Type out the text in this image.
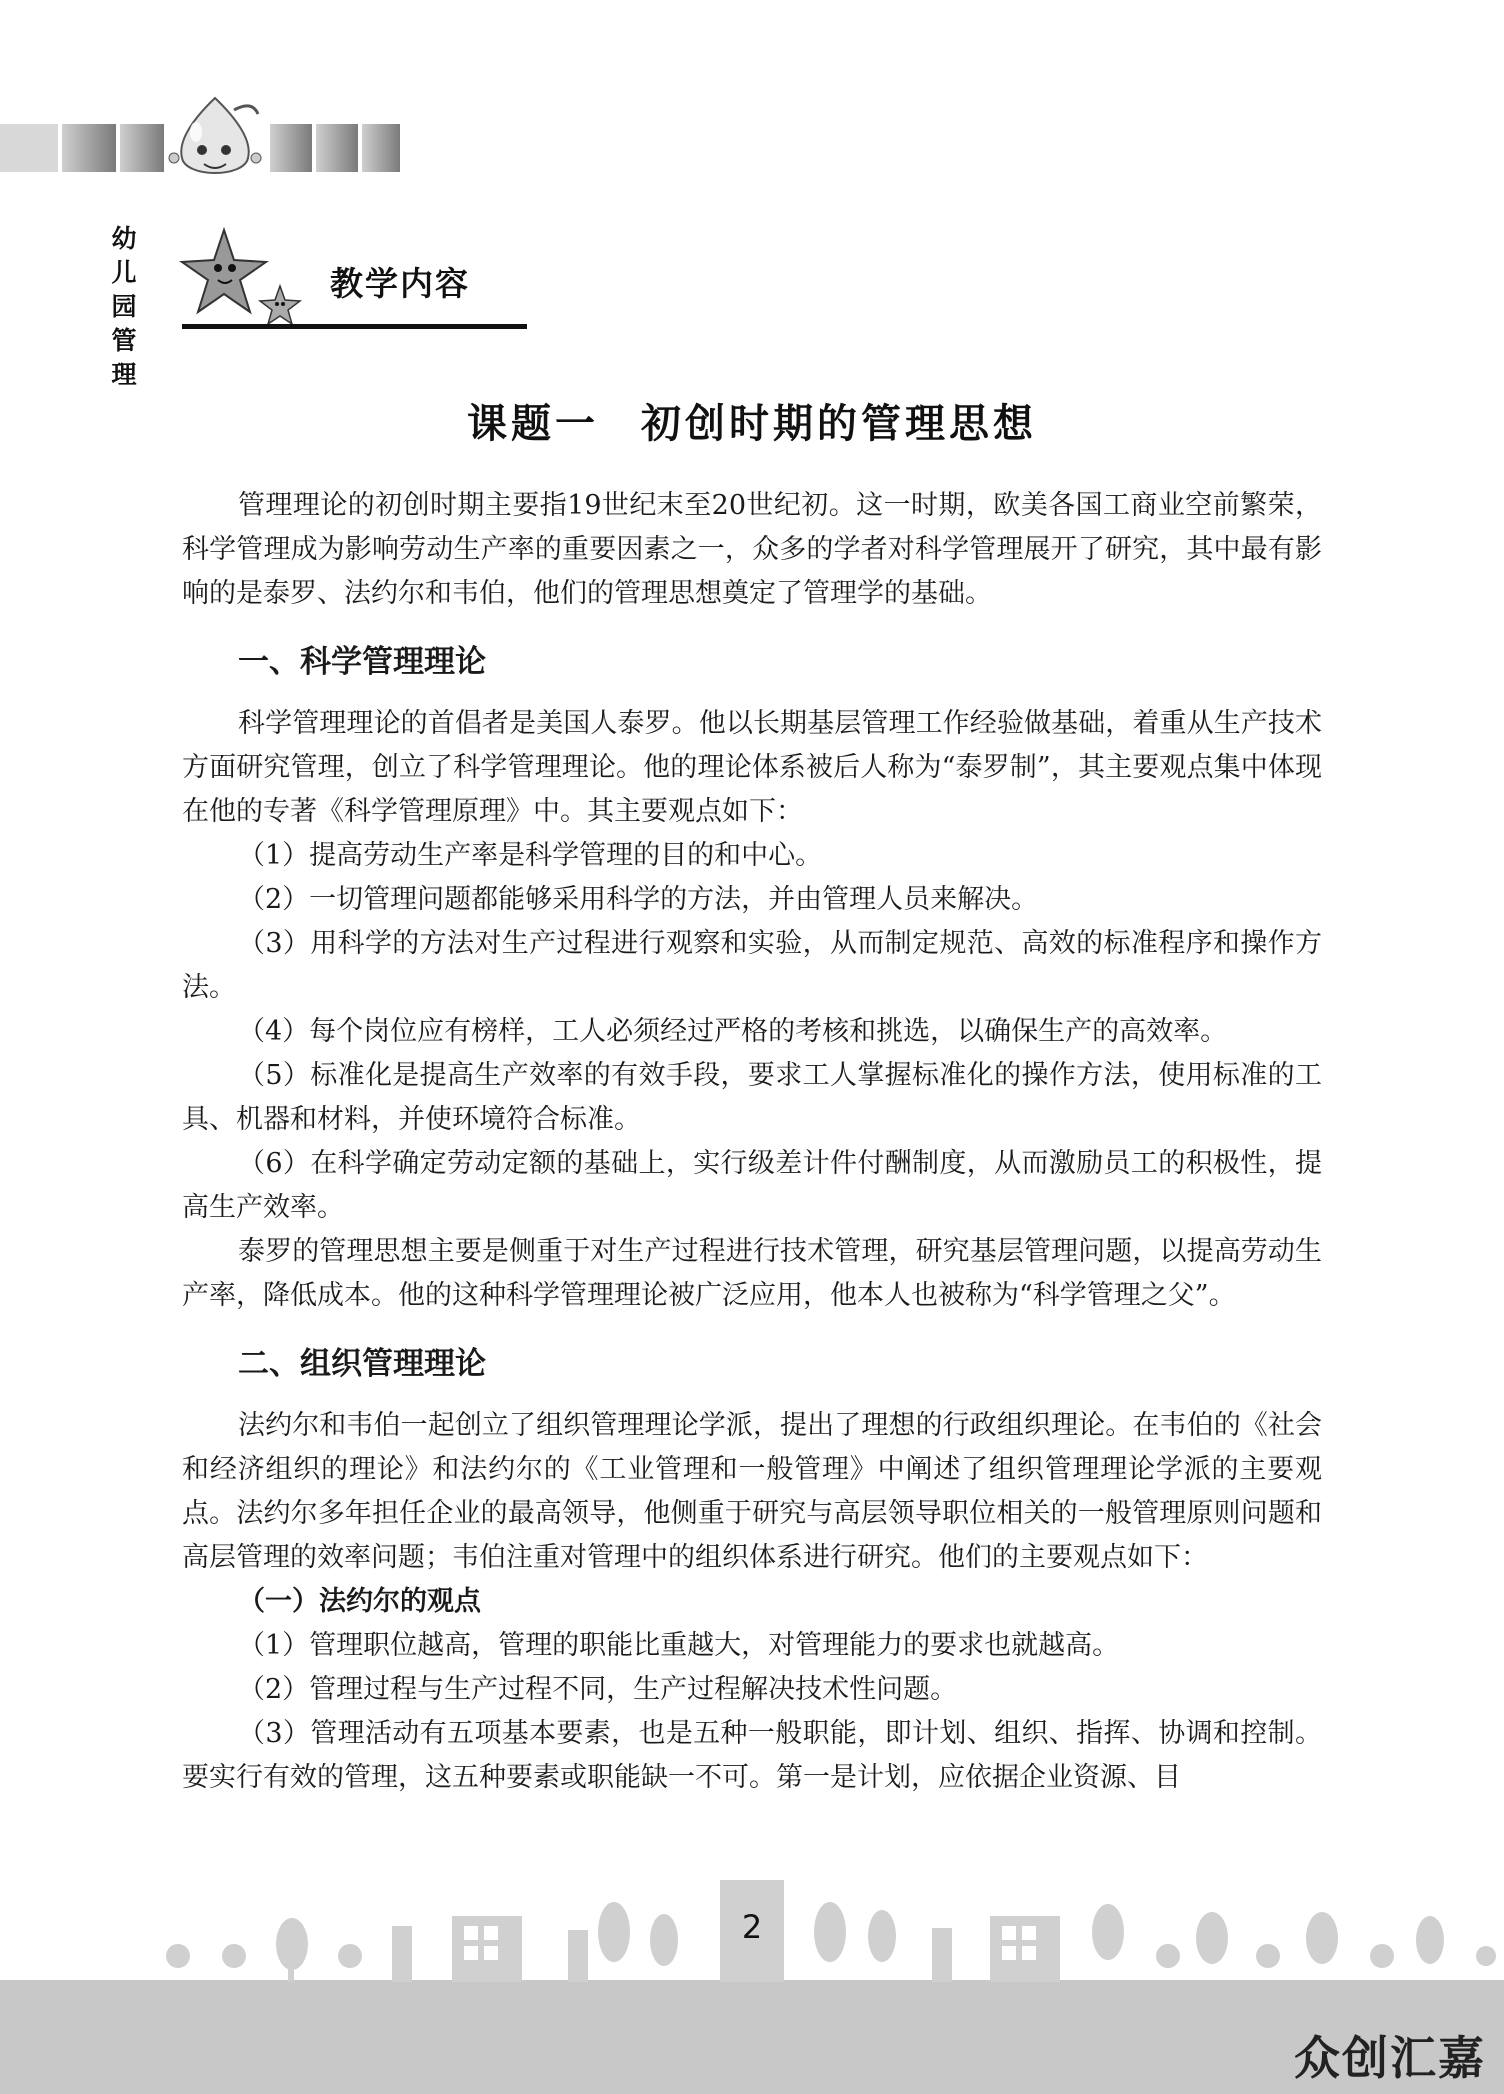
幼儿园管理
教学内容
课题一 初创时期的管理思想

管理理论的初创时期主要指19世纪末至20世纪初。这一时期，欧美各国工商业空前繁荣，科学管理成为影响劳动生产率的重要因素之一，众多的学者对科学管理展开了研究，其中最有影响的是泰罗、法约尔和韦伯，他们的管理思想奠定了管理学的基础。

一、科学管理理论

科学管理理论的首倡者是美国人泰罗。他以长期基层管理工作经验做基础，着重从生产技术方面研究管理，创立了科学管理理论。他的理论体系被后人称为“泰罗制”，其主要观点集中体现在他的专著《科学管理原理》中。其主要观点如下：

（1）提高劳动生产率是科学管理的目的和中心。

（2）一切管理问题都能够采用科学的方法，并由管理人员来解决。

（3）用科学的方法对生产过程进行观察和实验，从而制定规范、高效的标准程序和操作方法。

（4）每个岗位应有榜样，工人必须经过严格的考核和挑选，以确保生产的高效率。

（5）标准化是提高生产效率的有效手段，要求工人掌握标准化的操作方法，使用标准的工具、机器和材料，并使环境符合标准。

（6）在科学确定劳动定额的基础上，实行级差计件付酬制度，从而激励员工的积极性，提高生产效率。

泰罗的管理思想主要是侧重于对生产过程进行技术管理，研究基层管理问题，以提高劳动生产率，降低成本。他的这种科学管理理论被广泛应用，他本人也被称为“科学管理之父”。

二、组织管理理论

法约尔和韦伯一起创立了组织管理理论学派，提出了理想的行政组织理论。在韦伯的《社会和经济组织的理论》和法约尔的《工业管理和一般管理》中阐述了组织管理理论学派的主要观点。法约尔多年担任企业的最高领导，他侧重于研究与高层领导职位相关的一般管理原则问题和高层管理的效率问题；韦伯注重对管理中的组织体系进行研究。他们的主要观点如下：

（一）法约尔的观点

（1）管理职位越高，管理的职能比重越大，对管理能力的要求也就越高。

（2）管理过程与生产过程不同，生产过程解决技术性问题。

（3）管理活动有五项基本要素，也是五种一般职能，即计划、组织、指挥、协调和控制。要实行有效的管理，这五种要素或职能缺一不可。第一是计划，应依据企业资源、目

2
众创汇嘉
